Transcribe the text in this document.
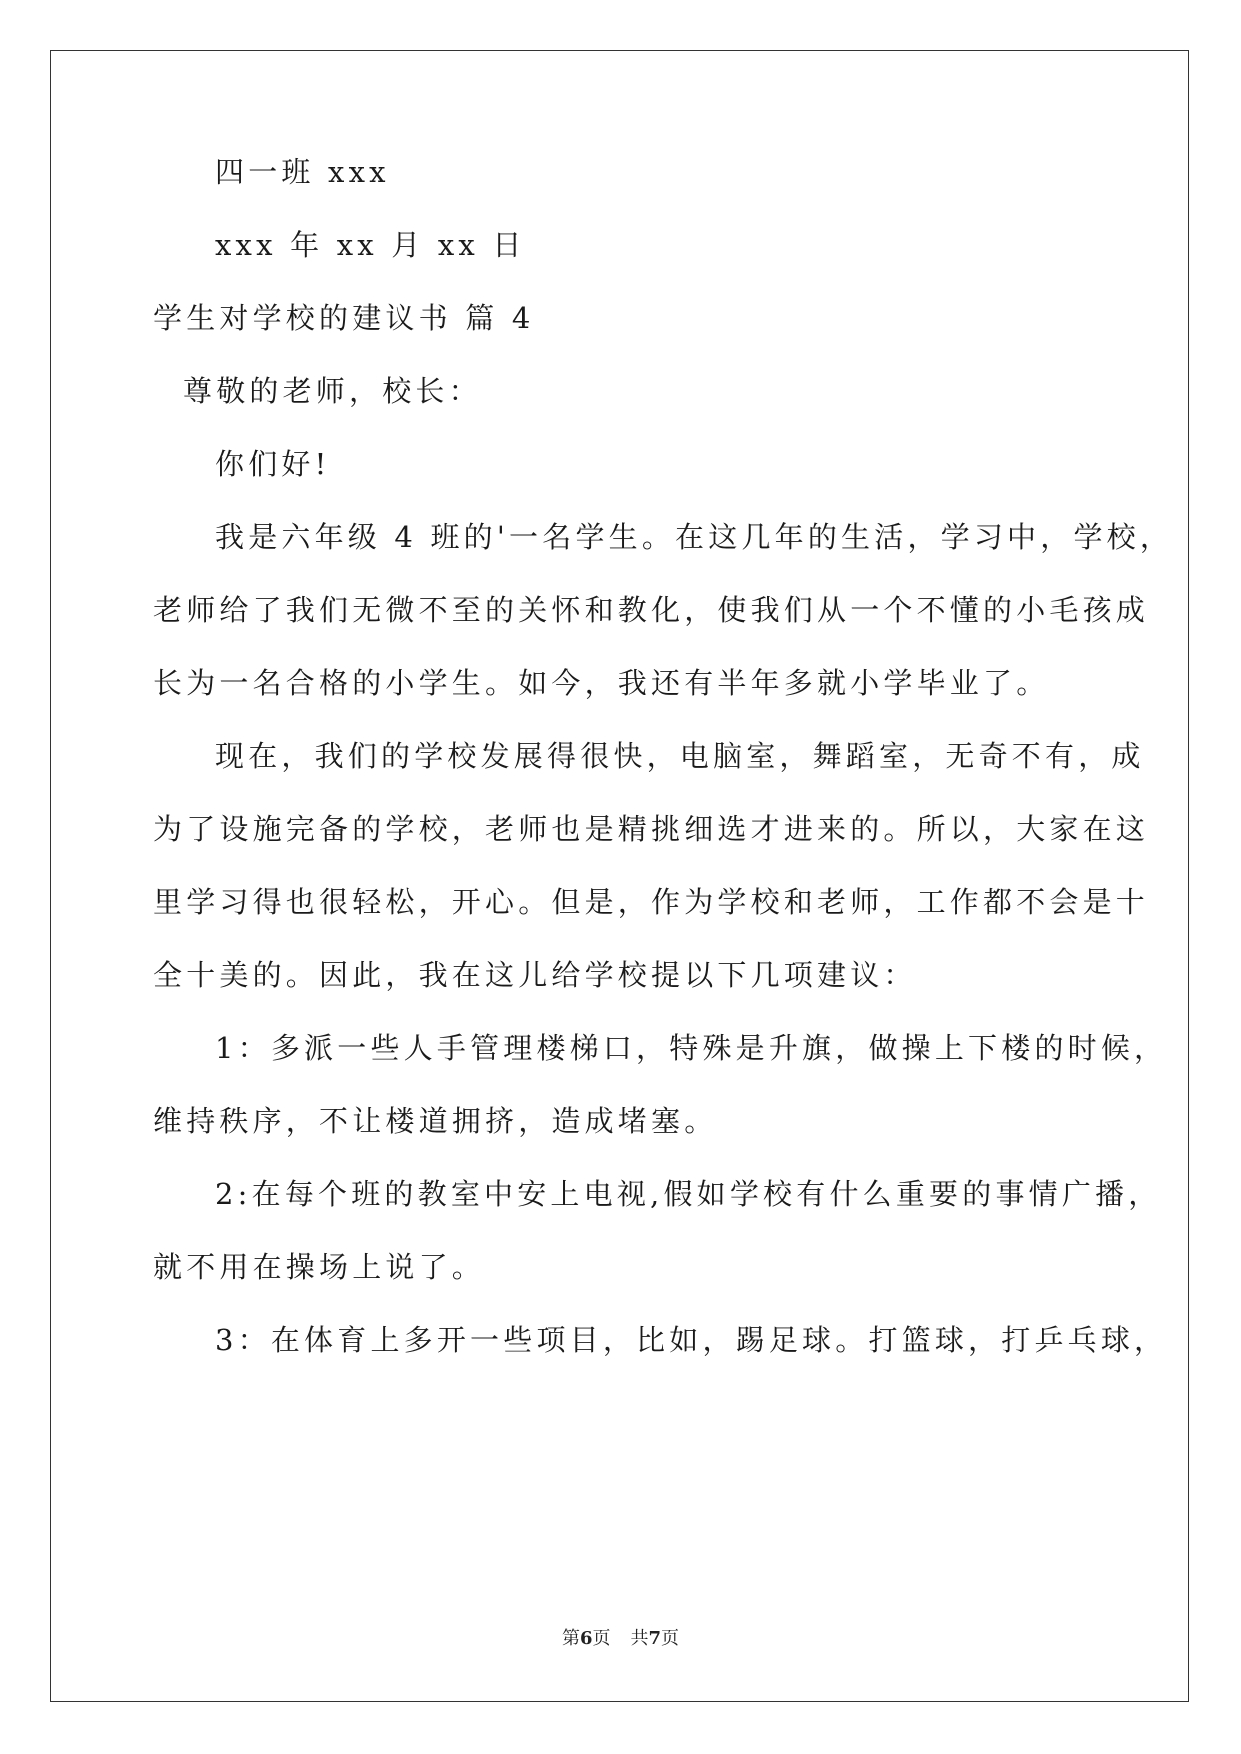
四一班 xxx
xxx 年 xx 月 xx 日
学生对学校的建议书 篇 4
尊敬的老师，校长：
你们好!
我是六年级 4 班的'一名学生。在这几年的生活，学习中，学校，
老师给了我们无微不至的关怀和教化，使我们从一个不懂的小毛孩成
长为一名合格的小学生。如今，我还有半年多就小学毕业了。
现在，我们的学校发展得很快，电脑室，舞蹈室，无奇不有，成
为了设施完备的学校，老师也是精挑细选才进来的。所以，大家在这
里学习得也很轻松，开心。但是，作为学校和老师，工作都不会是十
全十美的。因此，我在这儿给学校提以下几项建议：
1：多派一些人手管理楼梯口，特殊是升旗，做操上下楼的时候，
维持秩序，不让楼道拥挤，造成堵塞。
2:在每个班的教室中安上电视,假如学校有什么重要的事情广播，
就不用在操场上说了。
3：在体育上多开一些项目，比如，踢足球。打篮球，打乒乓球，
第6页 共7页
